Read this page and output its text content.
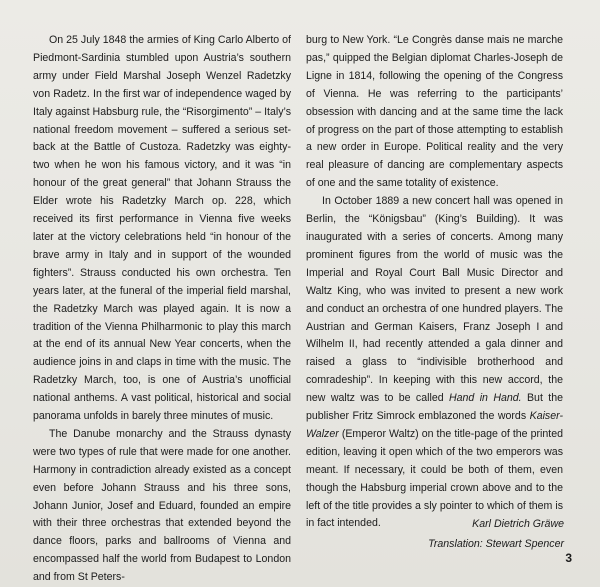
On 25 July 1848 the armies of King Carlo Alberto of Piedmont-Sardinia stumbled upon Austria’s southern army under Field Marshal Joseph Wenzel Radetzky von Radetz. In the first war of independence waged by Italy against Habsburg rule, the “Risorgimento” – Italy’s national freedom movement – suffered a serious set-back at the Battle of Custoza. Radetzky was eighty-two when he won his famous victory, and it was “in honour of the great general” that Johann Strauss the Elder wrote his Radetzky March op. 228, which received its first performance in Vienna five weeks later at the victory celebrations held “in honour of the brave army in Italy and in support of the wounded fighters”. Strauss conducted his own orchestra. Ten years later, at the funeral of the imperial field marshal, the Radetzky March was played again. It is now a tradition of the Vienna Philharmonic to play this march at the end of its annual New Year concerts, when the audience joins in and claps in time with the music. The Radetzky March, too, is one of Austria’s unofficial national anthems. A vast political, historical and social panorama unfolds in barely three minutes of music.

The Danube monarchy and the Strauss dynasty were two types of rule that were made for one another. Harmony in contradiction already existed as a concept even before Johann Strauss and his three sons, Johann Junior, Josef and Eduard, founded an empire with their three orchestras that extended beyond the dance floors, parks and ballrooms of Vienna and encompassed half the world from Budapest to London and from St Peters-

burg to New York. “Le Congrès danse mais ne marche pas,” quipped the Belgian diplomat Charles-Joseph de Ligne in 1814, following the opening of the Congress of Vienna. He was referring to the participants’ obsession with dancing and at the same time the lack of progress on the part of those attempting to establish a new order in Europe. Political reality and the very real pleasure of dancing are complementary aspects of one and the same totality of existence.

In October 1889 a new concert hall was opened in Berlin, the “Königsbau” (King’s Building). It was inaugurated with a series of concerts. Among many prominent figures from the world of music was the Imperial and Royal Court Ball Music Director and Waltz King, who was invited to present a new work and conduct an orchestra of one hundred players. The Austrian and German Kaisers, Franz Joseph I and Wilhelm II, had recently attended a gala dinner and raised a glass to “indivisible brotherhood and comradeship”. In keeping with this new accord, the new waltz was to be called Hand in Hand. But the publisher Fritz Simrock emblazoned the words Kaiser-Walzer (Emperor Waltz) on the title-page of the printed edition, leaving it open which of the two emperors was meant. If necessary, it could be both of them, even though the Habsburg imperial crown above and to the left of the title provides a sly pointer to which of them is in fact intended.	Karl Dietrich Gräwe
Translation: Stewart Spencer
3
